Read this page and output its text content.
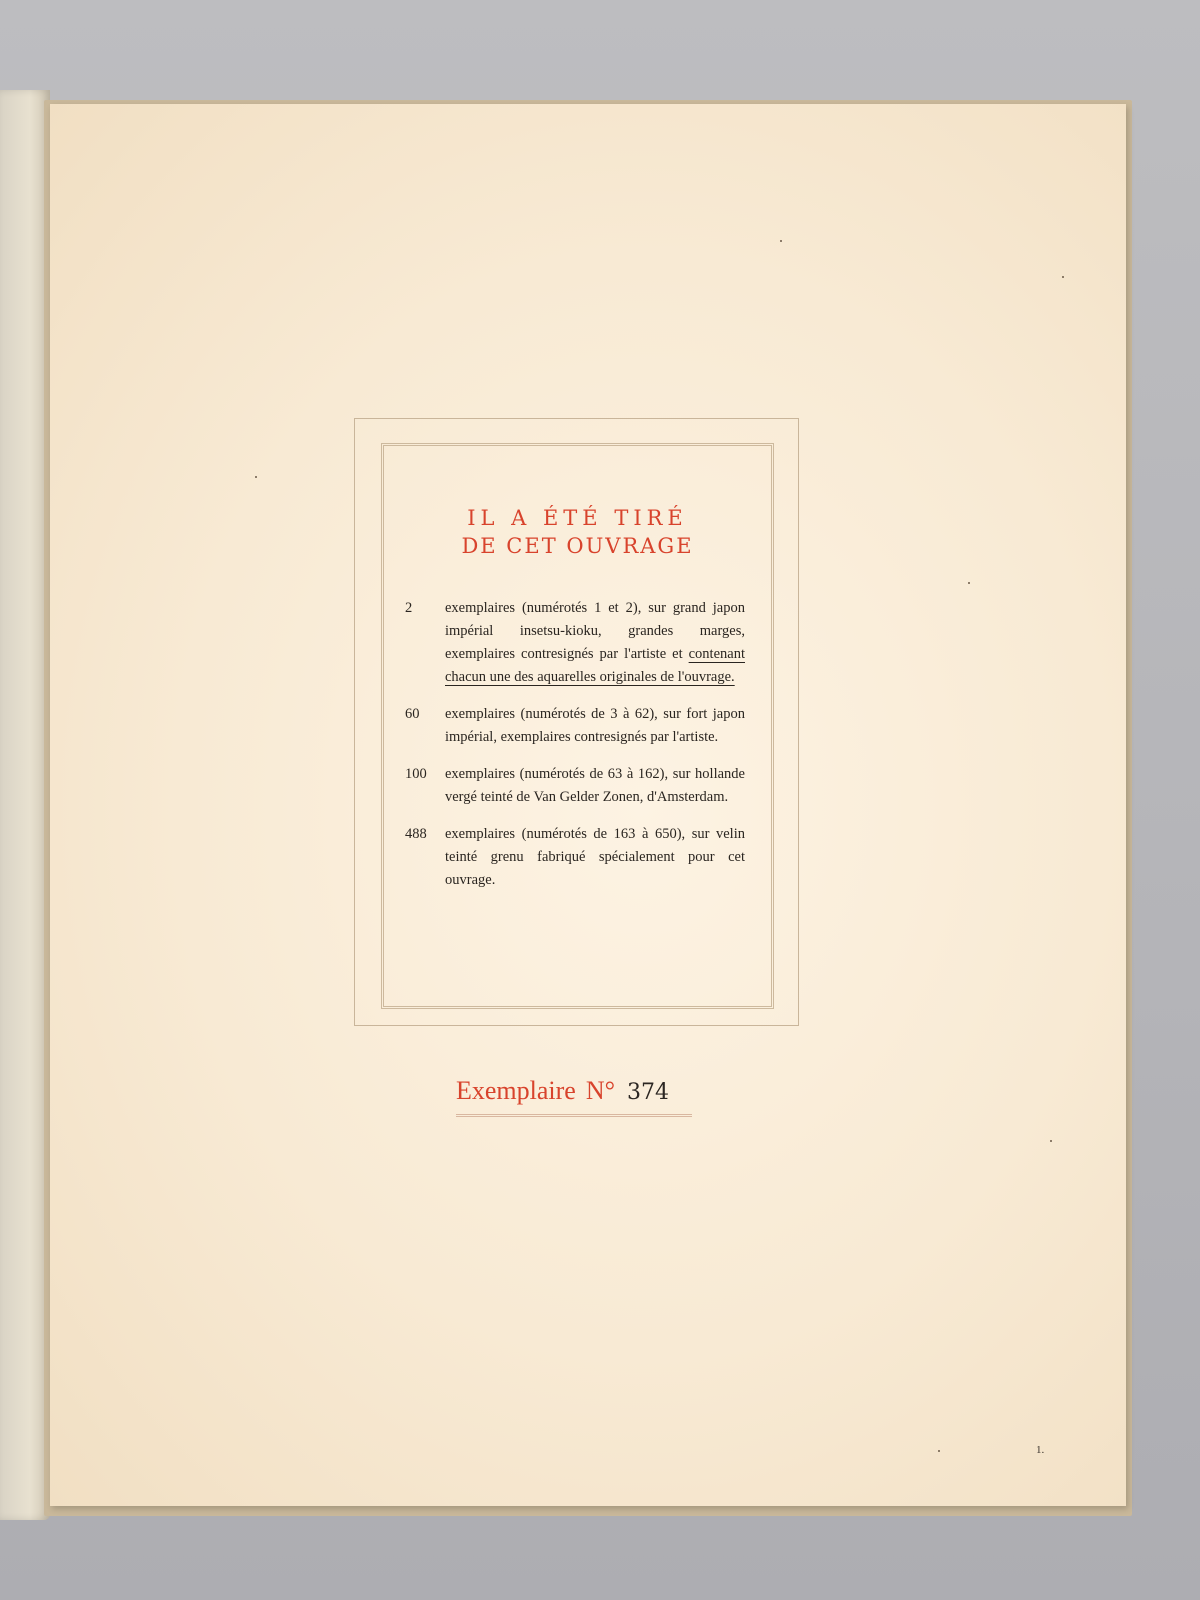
IL A ÉTÉ TIRÉ
DE CET OUVRAGE
2	exemplaires (numérotés 1 et 2), sur grand japon impérial insetsu-kioku, grandes marges, exemplaires contresignés par l'artiste et contenant chacun une des aquarelles originales de l'ouvrage.
60	exemplaires (numérotés de 3 à 62), sur fort japon impérial, exemplaires contresignés par l'artiste.
100	exemplaires (numérotés de 63 à 162), sur hollande vergé teinté de Van Gelder Zonen, d'Amsterdam.
488	exemplaires (numérotés de 163 à 650), sur velin teinté grenu fabriqué spécialement pour cet ouvrage.
Exemplaire N° 374
1.
